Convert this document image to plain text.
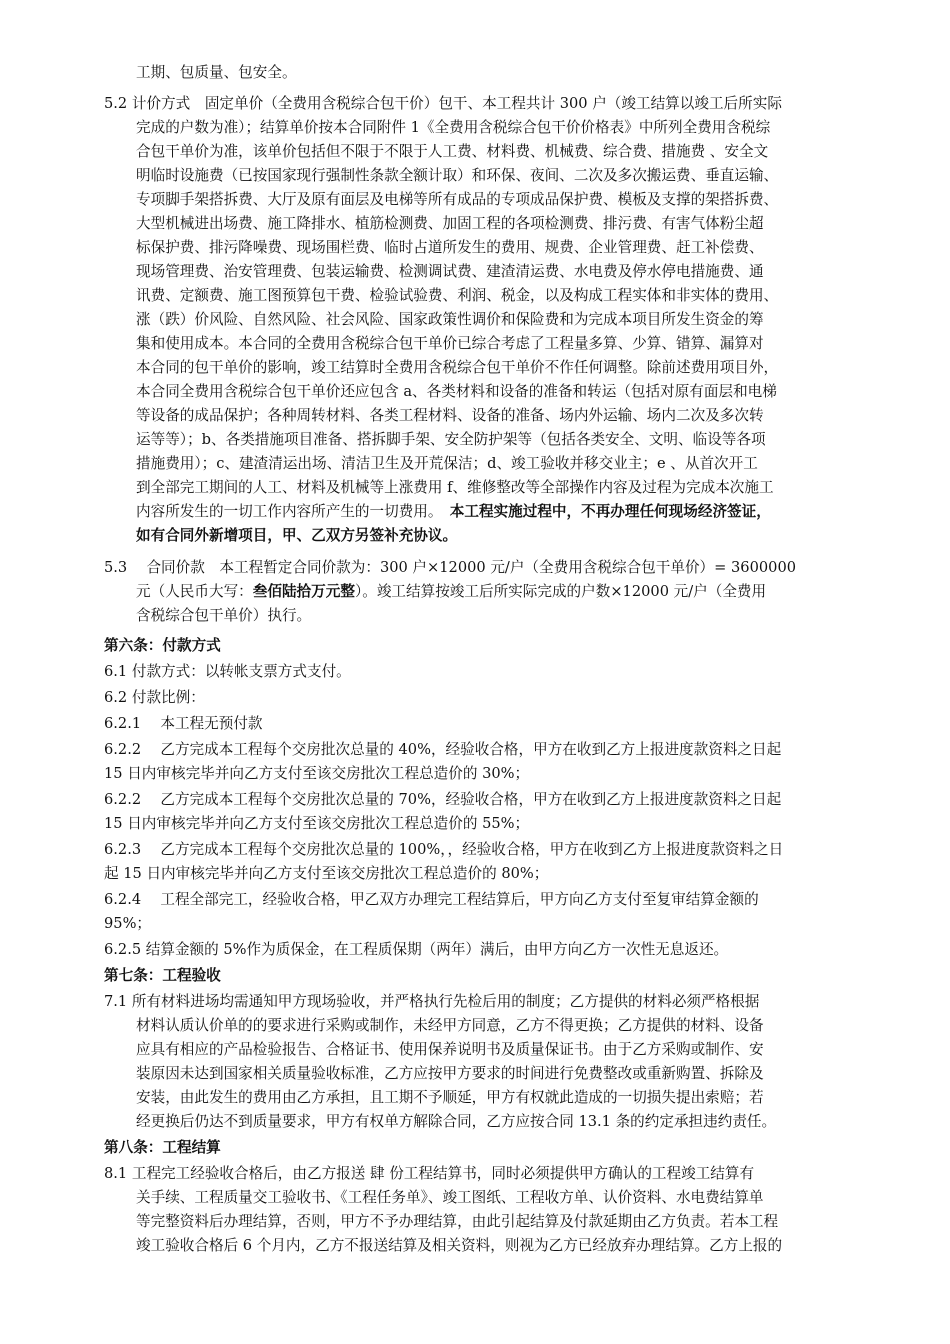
工期、包质量、包安全。
5.2 计价方式　固定单价（全费用含税综合包干价）包干、本工程共计 300 户（竣工结算以竣工后所实际
完成的户数为准）；结算单价按本合同附件 1《全费用含税综合包干价价格表》中所列全费用含税综
合包干单价为准，该单价包括但不限于不限于人工费、材料费、机械费、综合费、措施费 、安全文
明临时设施费（已按国家现行强制性条款全额计取）和环保、夜间、二次及多次搬运费、垂直运输、
专项脚手架搭拆费、大厅及原有面层及电梯等所有成品的专项成品保护费、模板及支撑的架搭拆费、
大型机械进出场费、施工降排水、植筋检测费、加固工程的各项检测费、排污费、有害气体粉尘超
标保护费、排污降噪费、现场围栏费、临时占道所发生的费用、规费、企业管理费、赶工补偿费、
现场管理费、治安管理费、包装运输费、检测调试费、建渣清运费、水电费及停水停电措施费、通
讯费、定额费、施工图预算包干费、检验试验费、利润、税金，以及构成工程实体和非实体的费用、
涨（跌）价风险、自然风险、社会风险、国家政策性调价和保险费和为完成本项目所发生资金的筹
集和使用成本。本合同的全费用含税综合包干单价已综合考虑了工程量多算、少算、错算、漏算对
本合同的包干单价的影响，竣工结算时全费用含税综合包干单价不作任何调整。除前述费用项目外，
本合同全费用含税综合包干单价还应包含 a、各类材料和设备的准备和转运（包括对原有面层和电梯
等设备的成品保护；各种周转材料、各类工程材料、设备的准备、场内外运输、场内二次及多次转
运等等）；b、各类措施项目准备、搭拆脚手架、安全防护架等（包括各类安全、文明、临设等各项
措施费用）；c、建渣清运出场、清洁卫生及开荒保洁；d、竣工验收并移交业主；e 、从首次开工
到全部完工期间的人工、材料及机械等上涨费用 f、维修整改等全部操作内容及过程为完成本次施工
内容所发生的一切工作内容所产生的一切费用。　本工程实施过程中，不再办理任何现场经济签证，
如有合同外新增项目，甲、乙双方另签补充协议。
5.3　 合同价款　本工程暂定合同价款为：300 户×12000 元/户（全费用含税综合包干单价）= 3600000
元（人民币大写：叁佰陆拾万元整）。竣工结算按竣工后所实际完成的户数×12000 元/户（全费用
含税综合包干单价）执行。
第六条：付款方式
6.1 付款方式：以转帐支票方式支付。
6.2 付款比例：
6.2.1　 本工程无预付款
6.2.2　 乙方完成本工程每个交房批次总量的 40%，经验收合格，甲方在收到乙方上报进度款资料之日起
15 日内审核完毕并向乙方支付至该交房批次工程总造价的 30%；
6.2.2　 乙方完成本工程每个交房批次总量的 70%，经验收合格，甲方在收到乙方上报进度款资料之日起
15 日内审核完毕并向乙方支付至该交房批次工程总造价的 55%；
6.2.3　 乙方完成本工程每个交房批次总量的 100%，，经验收合格，甲方在收到乙方上报进度款资料之日
起 15 日内审核完毕并向乙方支付至该交房批次工程总造价的 80%；
6.2.4　 工程全部完工，经验收合格，甲乙双方办理完工程结算后，甲方向乙方支付至复审结算金额的
95%；
6.2.5 结算金额的 5%作为质保金，在工程质保期（两年）满后，由甲方向乙方一次性无息返还。
第七条：工程验收
7.1 所有材料进场均需通知甲方现场验收，并严格执行先检后用的制度；乙方提供的材料必须严格根据
材料认质认价单的的要求进行采购或制作，未经甲方同意，乙方不得更换；乙方提供的材料、设备
应具有相应的产品检验报告、合格证书、使用保养说明书及质量保证书。由于乙方采购或制作、安
装原因未达到国家相关质量验收标准，乙方应按甲方要求的时间进行免费整改或重新购置、拆除及
安装，由此发生的费用由乙方承担，且工期不予顺延，甲方有权就此造成的一切损失提出索赔；若
经更换后仍达不到质量要求，甲方有权单方解除合同，乙方应按合同 13.1 条的约定承担违约责任。
第八条：工程结算
8.1 工程完工经验收合格后，由乙方报送 肆 份工程结算书，同时必须提供甲方确认的工程竣工结算有
关手续、工程质量交工验收书、《工程任务单》、竣工图纸、工程收方单、认价资料、水电费结算单
等完整资料后办理结算，否则，甲方不予办理结算，由此引起结算及付款延期由乙方负责。若本工程
竣工验收合格后 6 个月内，乙方不报送结算及相关资料，则视为乙方已经放弃办理结算。乙方上报的
